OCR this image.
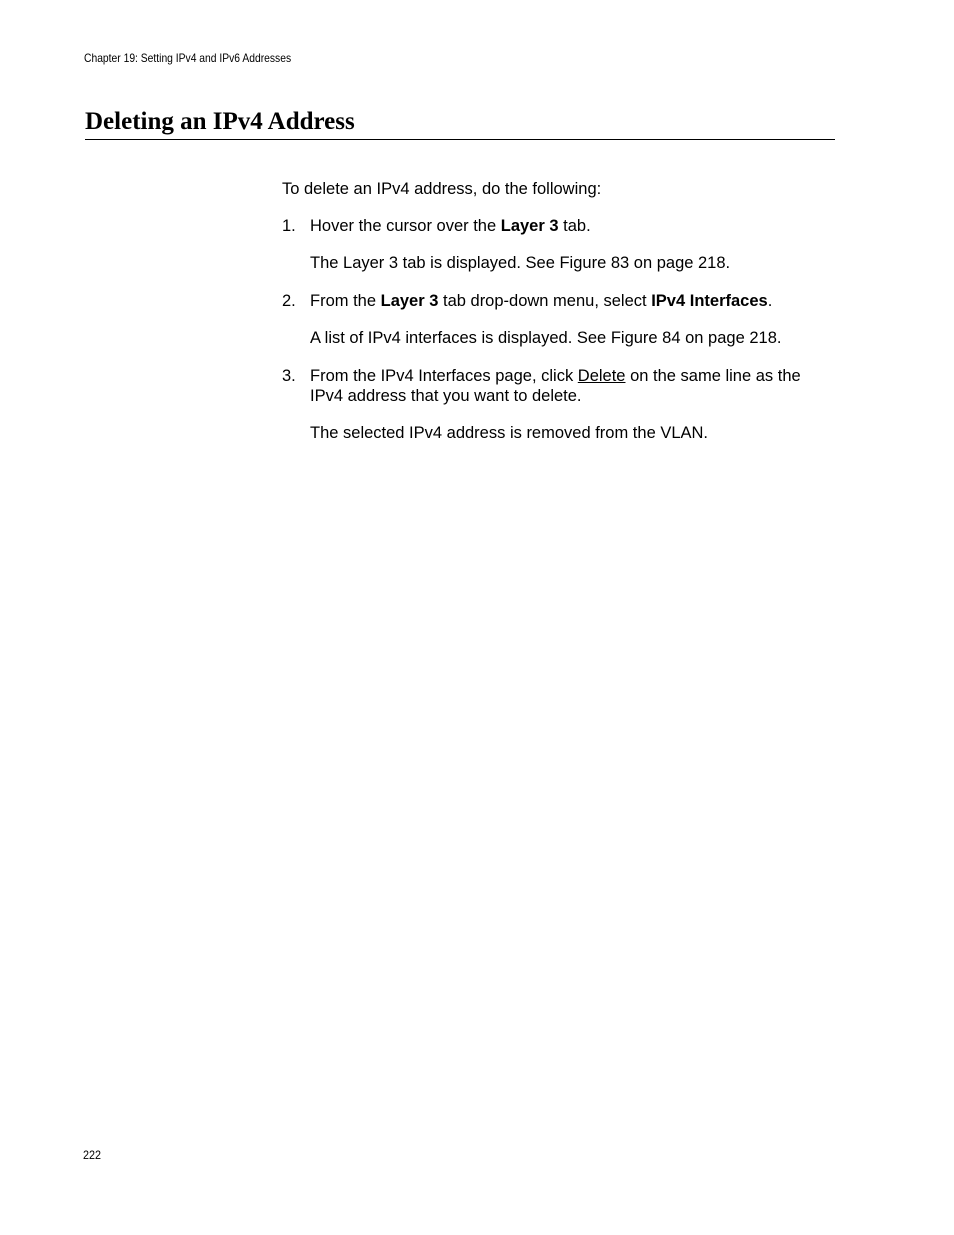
Chapter 19: Setting IPv4 and IPv6 Addresses
Deleting an IPv4 Address

To delete an IPv4 address, do the following:

1. Hover the cursor over the Layer 3 tab.

The Layer 3 tab is displayed. See Figure 83 on page 218.

2. From the Layer 3 tab drop-down menu, select IPv4 Interfaces.

A list of IPv4 interfaces is displayed. See Figure 84 on page 218.

3. From the IPv4 Interfaces page, click Delete on the same line as the IPv4 address that you want to delete.

The selected IPv4 address is removed from the VLAN.

222
